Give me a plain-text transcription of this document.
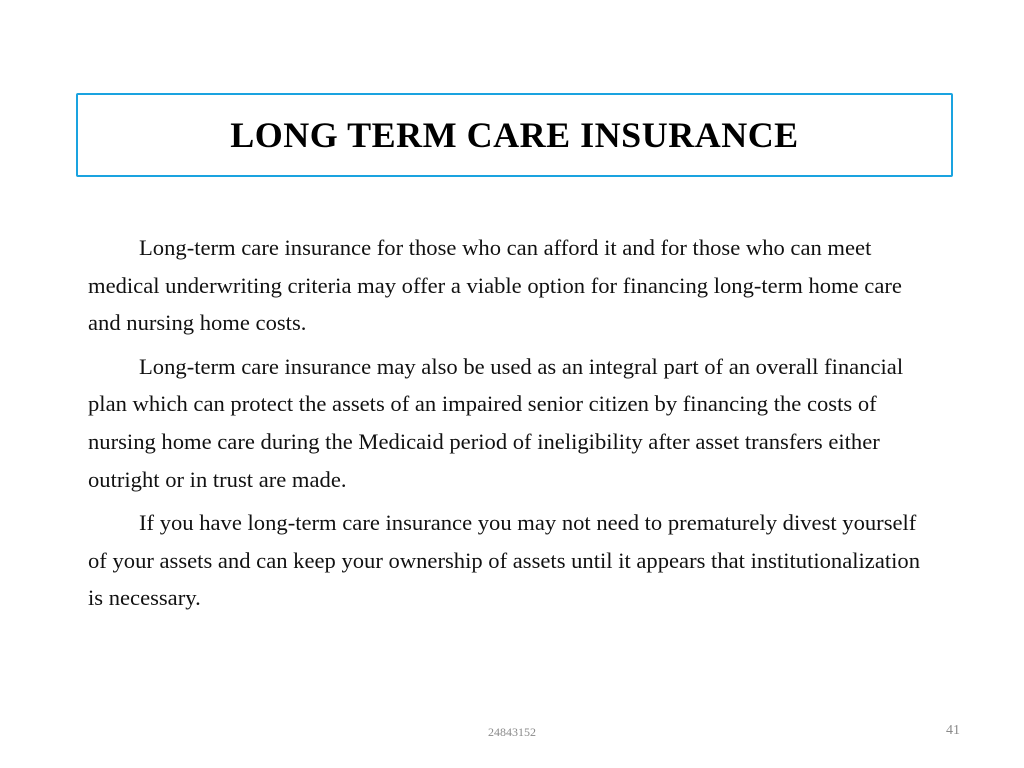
LONG TERM CARE INSURANCE

Long-term care insurance for those who can afford it and for those who can meet medical underwriting criteria may offer a viable option for financing long-term home care and nursing home costs.

Long-term care insurance may also be used as an integral part of an overall financial plan which can protect the assets of an impaired senior citizen by financing the costs of nursing home care during the Medicaid period of ineligibility after asset transfers either outright or in trust are made.

If you have long-term care insurance you may not need to prematurely divest yourself of your assets and can keep your ownership of assets until it appears that institutionalization is necessary.

24843152	41
